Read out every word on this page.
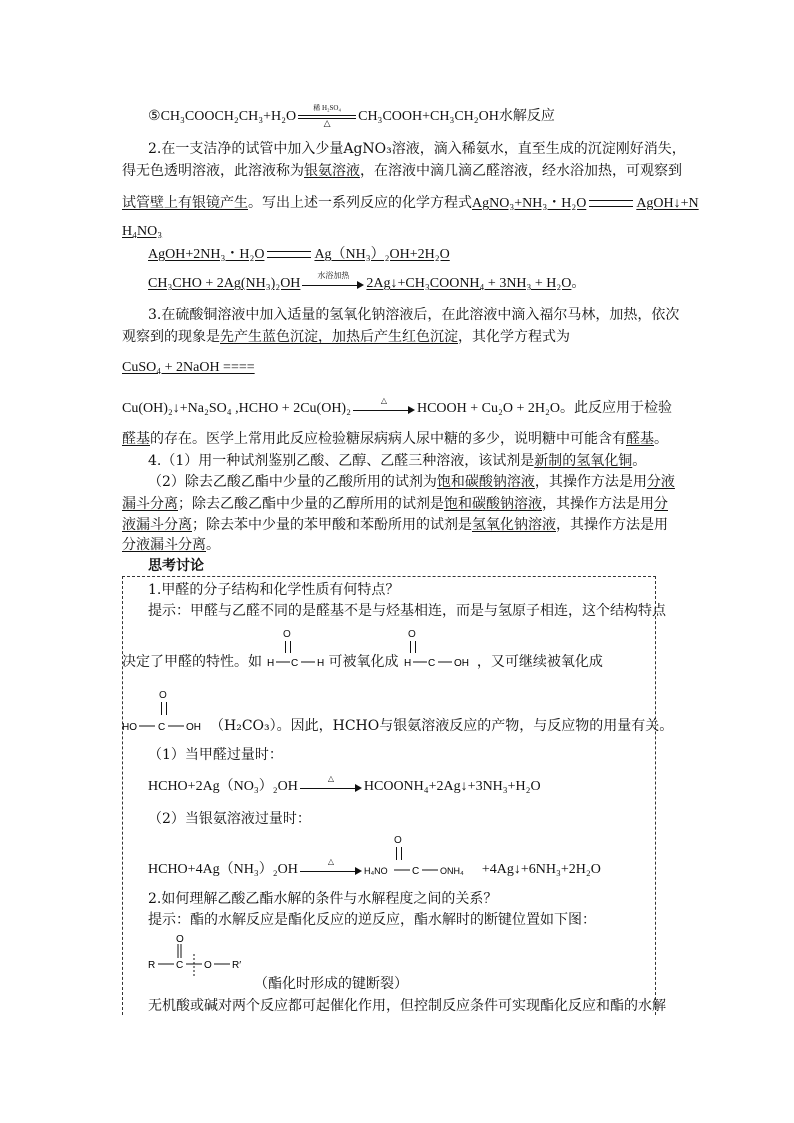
⑤CH₃COOCH₂CH₃+H₂O
稀 H₂SO₄
△	CH₃COOH+CH₃CH₂OH水解反应
2.在一支洁净的试管中加入少量AgNO₃溶液，滴入稀氨水，直至生成的沉淀刚好消失，
得无色透明溶液，此溶液称为银氨溶液，在溶液中滴几滴乙醛溶液，经水浴加热，可观察到
试管壁上有银镜产生。写出上述一系列反应的化学方程式AgNO₃+NH₃・H₂O	AgOH↓+N
H₄NO₃
AgOH+2NH₃・H₂O	Ag（NH₃）₂OH+2H₂O
CH₃CHO + 2Ag(NH₃)₂OH
水浴加热
2Ag↓+CH₃COONH₄ + 3NH₃ + H₂O。
3.在硫酸铜溶液中加入适量的氢氧化钠溶液后，在此溶液中滴入福尔马林，加热，依次
观察到的现象是先产生蓝色沉淀，加热后产生红色沉淀，其化学方程式为
CuSO₄ + 2NaOH ====
Cu(OH)₂↓+Na₂SO₄ ,HCHO + 2Cu(OH)₂
△
HCOOH + Cu₂O + 2H₂O。此反应用于检验
醛基的存在。医学上常用此反应检验糖尿病病人尿中糖的多少，说明糖中可能含有醛基。
4.（1）用一种试剂鉴别乙酸、乙醇、乙醛三种溶液，该试剂是新制的氢氧化铜。
（2）除去乙酸乙酯中少量的乙酸所用的试剂为饱和碳酸钠溶液，其操作方法是用分液
漏斗分离；除去乙酸乙酯中少量的乙醇所用的试剂是饱和碳酸钠溶液，其操作方法是用分
液漏斗分离；除去苯中少量的苯甲酸和苯酚所用的试剂是氢氧化钠溶液，其操作方法是用
分液漏斗分离。
思考讨论
1.甲醛的分子结构和化学性质有何特点？
提示：甲醛与乙醛不同的是醛基不是与烃基相连，而是与氢原子相连，这个结构特点
决定了甲醛的特性。如 H C H 可被氧化成 H C OH ，又可继续被氧化成
O	O
HO C OH （H₂CO₃）。因此，HCHO与银氨溶液反应的产物，与反应物的用量有关。
O
（1）当甲醛过量时：
HCHO+2Ag（NO₃）₂OH
△
HCOONH₄+2Ag↓+3NH₃+H₂O
（2）当银氨溶液过量时：
HCHO+4Ag（NH₃）₂OH
△
H₄NO C ONH₄ +4Ag↓+6NH₃+2H₂O
O
2.如何理解乙酸乙酯水解的条件与水解程度之间的关系？
提示：酯的水解反应是酯化反应的逆反应，酯水解时的断键位置如下图：
O
R C O R′
（酯化时形成的键断裂）
无机酸或碱对两个反应都可起催化作用，但控制反应条件可实现酯化反应和酯的水解
